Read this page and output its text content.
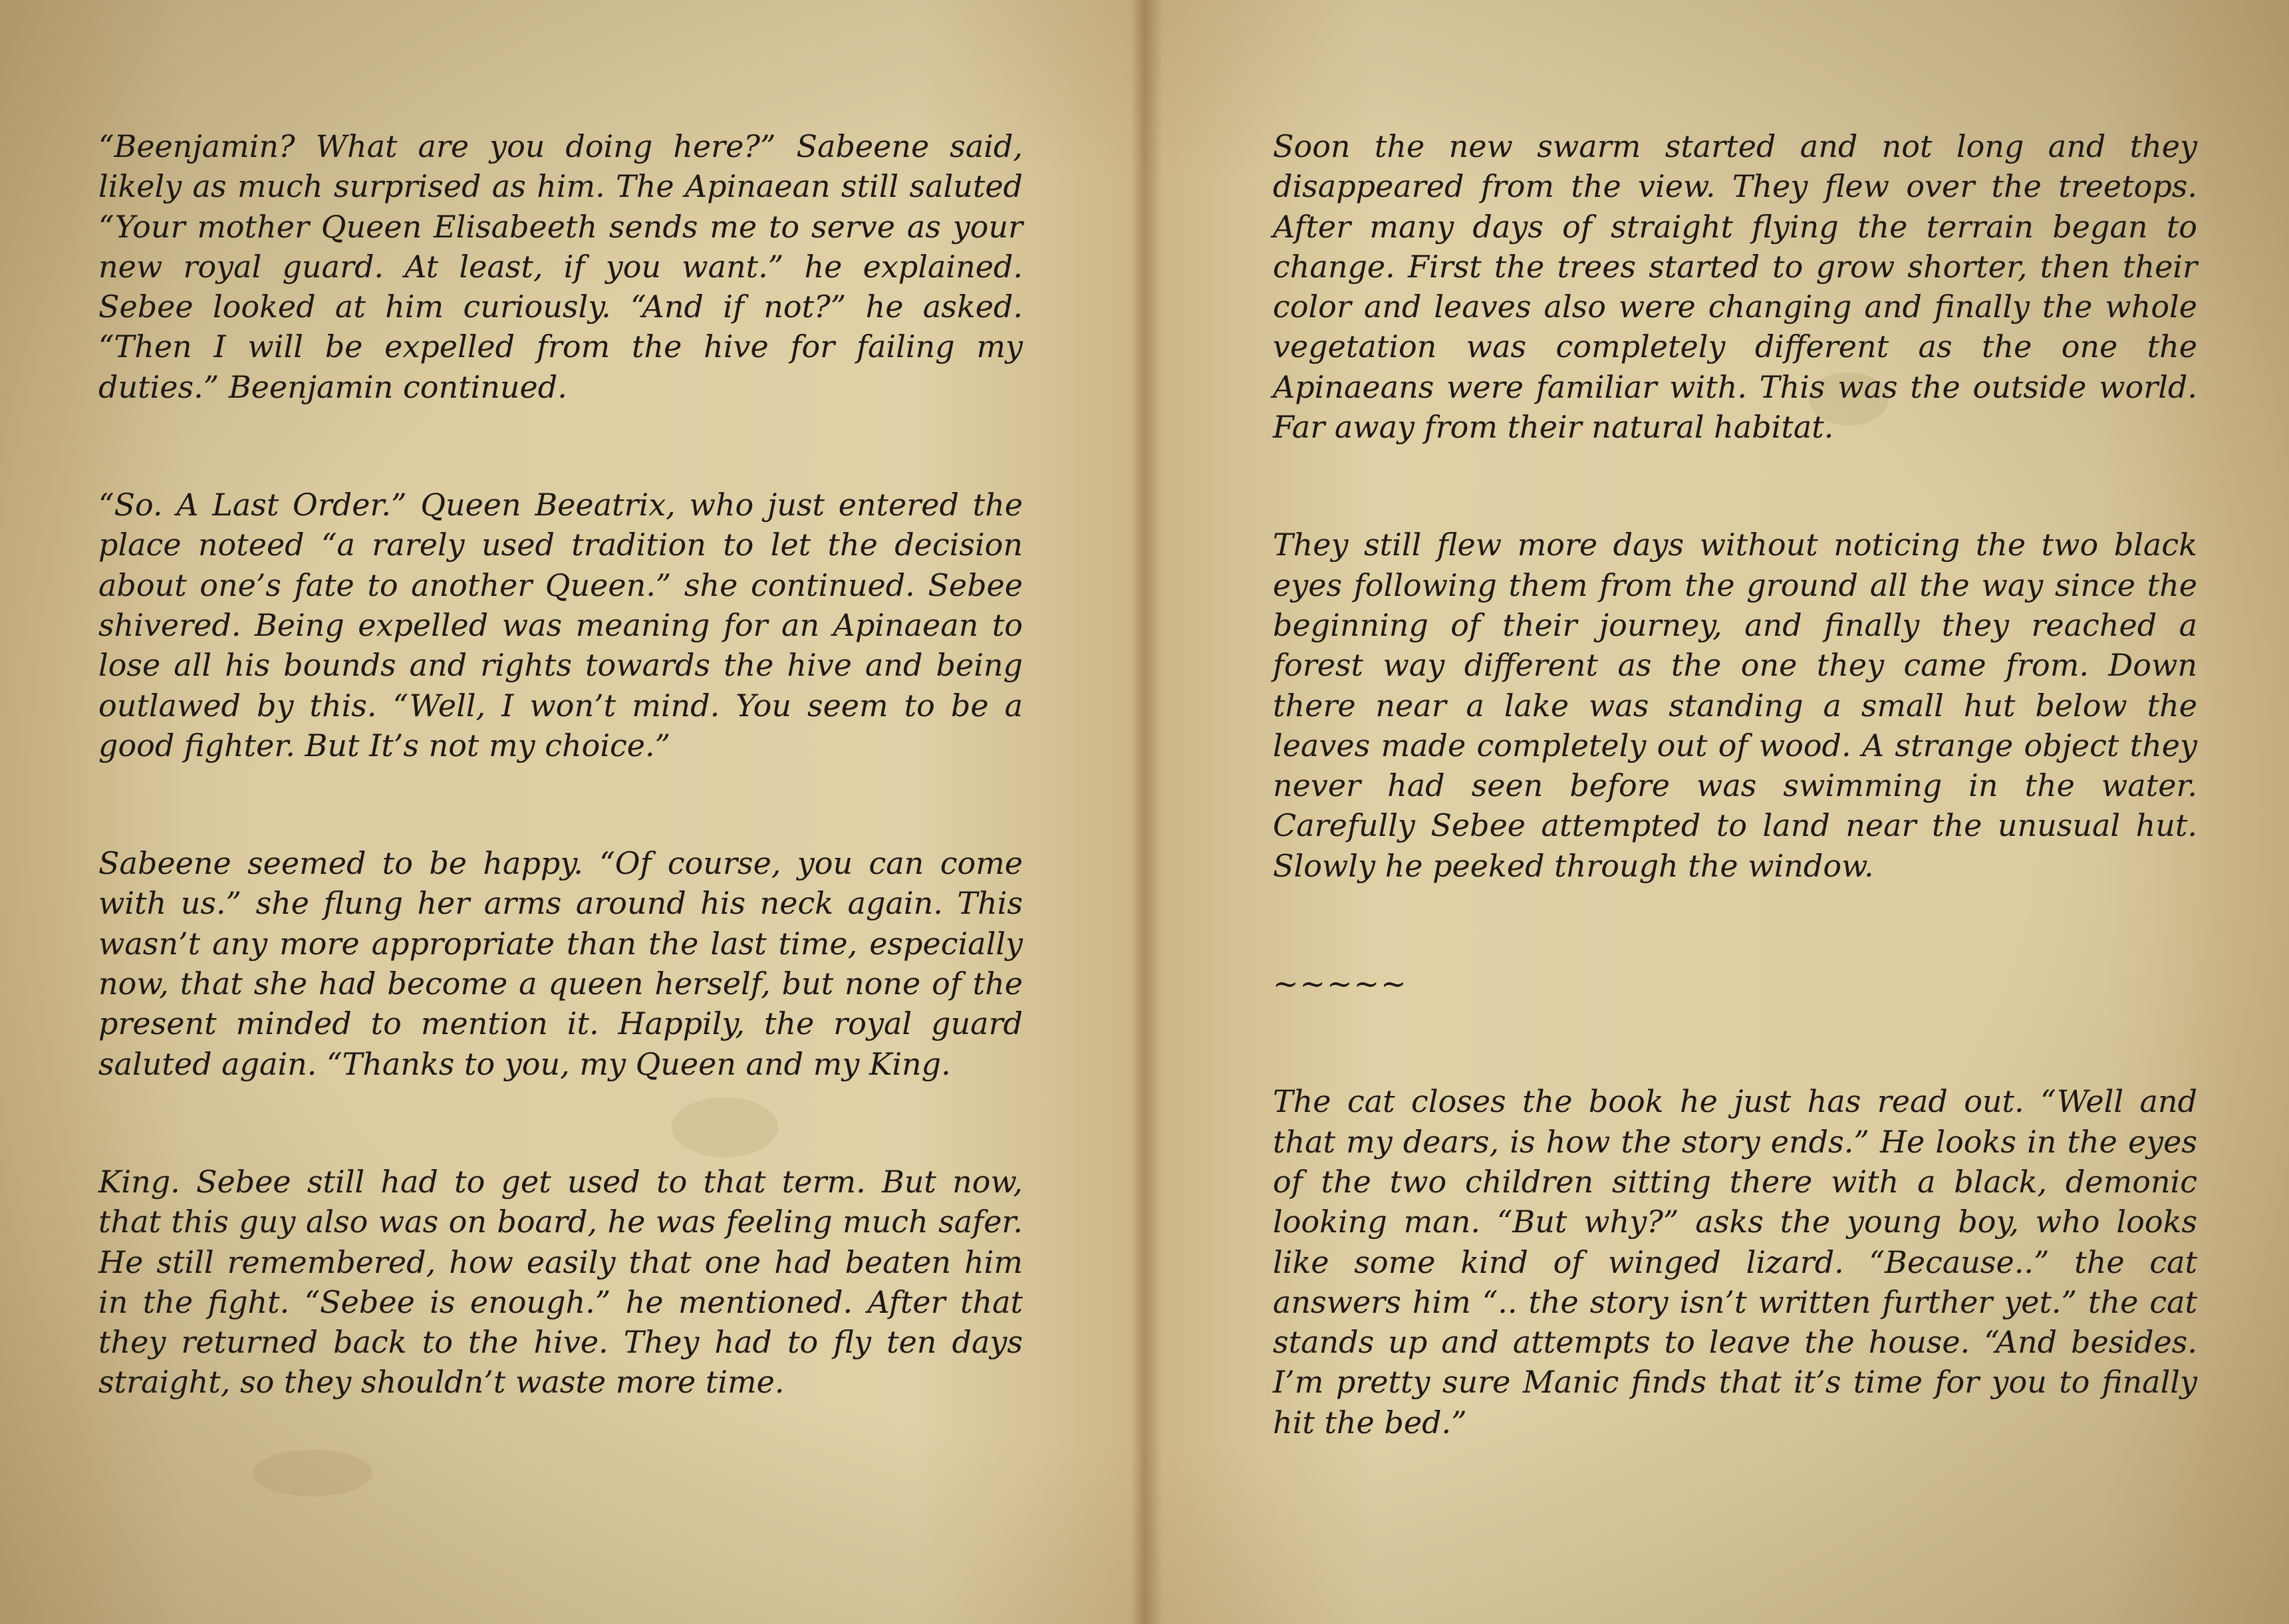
“Beenjamin? What are you doing here?” Sabeene said, likely as much surprised as him. The Apinaean still saluted “Your mother Queen Elisabeeth sends me to serve as your new royal guard. At least, if you want.” he explained. Sebee looked at him curiously. “And if not?” he asked. “Then I will be expelled from the hive for failing my duties.” Beenjamin continued.

“So. A Last Order.” Queen Beeatrix, who just entered the place noteed “a rarely used tradition to let the decision about one’s fate to another Queen.” she continued. Sebee shivered. Being expelled was meaning for an Apinaean to lose all his bounds and rights towards the hive and being outlawed by this. “Well, I won’t mind. You seem to be a good fighter. But It’s not my choice.”

Sabeene seemed to be happy. “Of course, you can come with us.” she flung her arms around his neck again. This wasn’t any more appropriate than the last time, especially now, that she had become a queen herself, but none of the present minded to mention it. Happily, the royal guard saluted again. “Thanks to you, my Queen and my King.

King. Sebee still had to get used to that term. But now, that this guy also was on board, he was feeling much safer. He still remembered, how easily that one had beaten him in the fight. “Sebee is enough.” he mentioned. After that they returned back to the hive. They had to fly ten days straight, so they shouldn’t waste more time.

Soon the new swarm started and not long and they disappeared from the view. They flew over the treetops. After many days of straight flying the terrain began to change. First the trees started to grow shorter, then their color and leaves also were changing and finally the whole vegetation was completely different as the one the Apinaeans were familiar with. This was the outside world. Far away from their natural habitat.

They still flew more days without noticing the two black eyes following them from the ground all the way since the beginning of their journey, and finally they reached a forest way different as the one they came from. Down there near a lake was standing a small hut below the leaves made completely out of wood. A strange object they never had seen before was swimming in the water. Carefully Sebee attempted to land near the unusual hut. Slowly he peeked through the window.

~~~~~

The cat closes the book he just has read out. “Well and that my dears, is how the story ends.” He looks in the eyes of the two children sitting there with a black, demonic looking man. “But why?” asks the young boy, who looks like some kind of winged lizard. “Because..” the cat answers him “.. the story isn’t written further yet.” the cat stands up and attempts to leave the house. “And besides. I’m pretty sure Manic finds that it’s time for you to finally hit the bed.”
